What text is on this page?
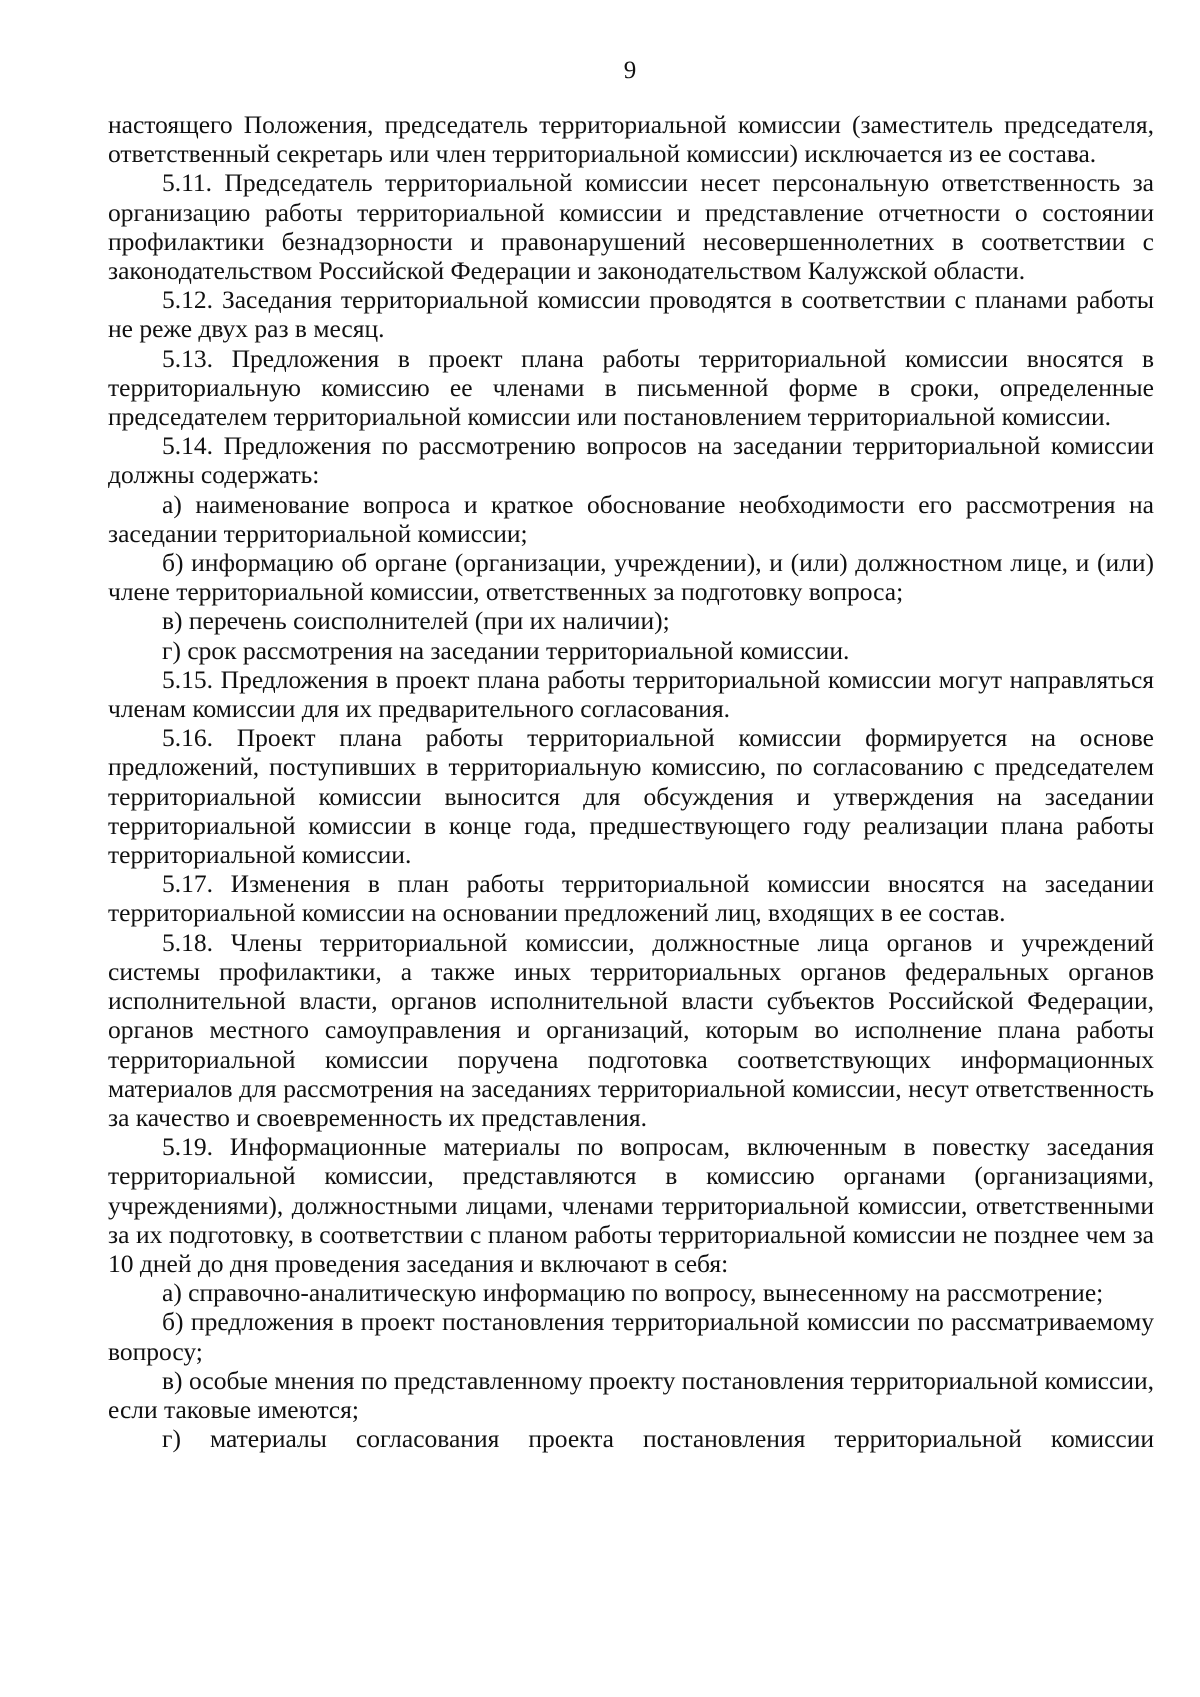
9

настоящего Положения, председатель территориальной комиссии (заместитель председателя, ответственный секретарь или член территориальной комиссии) исключается из ее состава.

5.11. Председатель территориальной комиссии несет персональную ответственность за организацию работы территориальной комиссии и представление отчетности о состоянии профилактики безнадзорности и правонарушений несовершеннолетних в соответствии с законодательством Российской Федерации и законодательством Калужской области.

5.12. Заседания территориальной комиссии проводятся в соответствии с планами работы не реже двух раз в месяц.

5.13. Предложения в проект плана работы территориальной комиссии вносятся в территориальную комиссию ее членами в письменной форме в сроки, определенные председателем территориальной комиссии или постановлением территориальной комиссии.

5.14. Предложения по рассмотрению вопросов на заседании территориальной комиссии должны содержать:

а) наименование вопроса и краткое обоснование необходимости его рассмотрения на заседании территориальной комиссии;

б) информацию об органе (организации, учреждении), и (или) должностном лице, и (или) члене территориальной комиссии, ответственных за подготовку вопроса;

в) перечень соисполнителей (при их наличии);

г) срок рассмотрения на заседании территориальной комиссии.

5.15. Предложения в проект плана работы территориальной комиссии могут направляться членам комиссии для их предварительного согласования.

5.16. Проект плана работы территориальной комиссии формируется на основе предложений, поступивших в территориальную комиссию, по согласованию с председателем территориальной комиссии выносится для обсуждения и утверждения на заседании территориальной комиссии в конце года, предшествующего году реализации плана работы территориальной комиссии.

5.17. Изменения в план работы территориальной комиссии вносятся на заседании территориальной комиссии на основании предложений лиц, входящих в ее состав.

5.18. Члены территориальной комиссии, должностные лица органов и учреждений системы профилактики, а также иных территориальных органов федеральных органов исполнительной власти, органов исполнительной власти субъектов Российской Федерации, органов местного самоуправления и организаций, которым во исполнение плана работы территориальной комиссии поручена подготовка соответствующих информационных материалов для рассмотрения на заседаниях территориальной комиссии, несут ответственность за качество и своевременность их представления.

5.19. Информационные материалы по вопросам, включенным в повестку заседания территориальной комиссии, представляются в комиссию органами (организациями, учреждениями), должностными лицами, членами территориальной комиссии, ответственными за их подготовку, в соответствии с планом работы территориальной комиссии не позднее чем за 10 дней до дня проведения заседания и включают в себя:

а) справочно-аналитическую информацию по вопросу, вынесенному на рассмотрение;

б) предложения в проект постановления территориальной комиссии по рассматриваемому вопросу;

в) особые мнения по представленному проекту постановления территориальной комиссии, если таковые имеются;

г) материалы согласования проекта постановления территориальной комиссии
